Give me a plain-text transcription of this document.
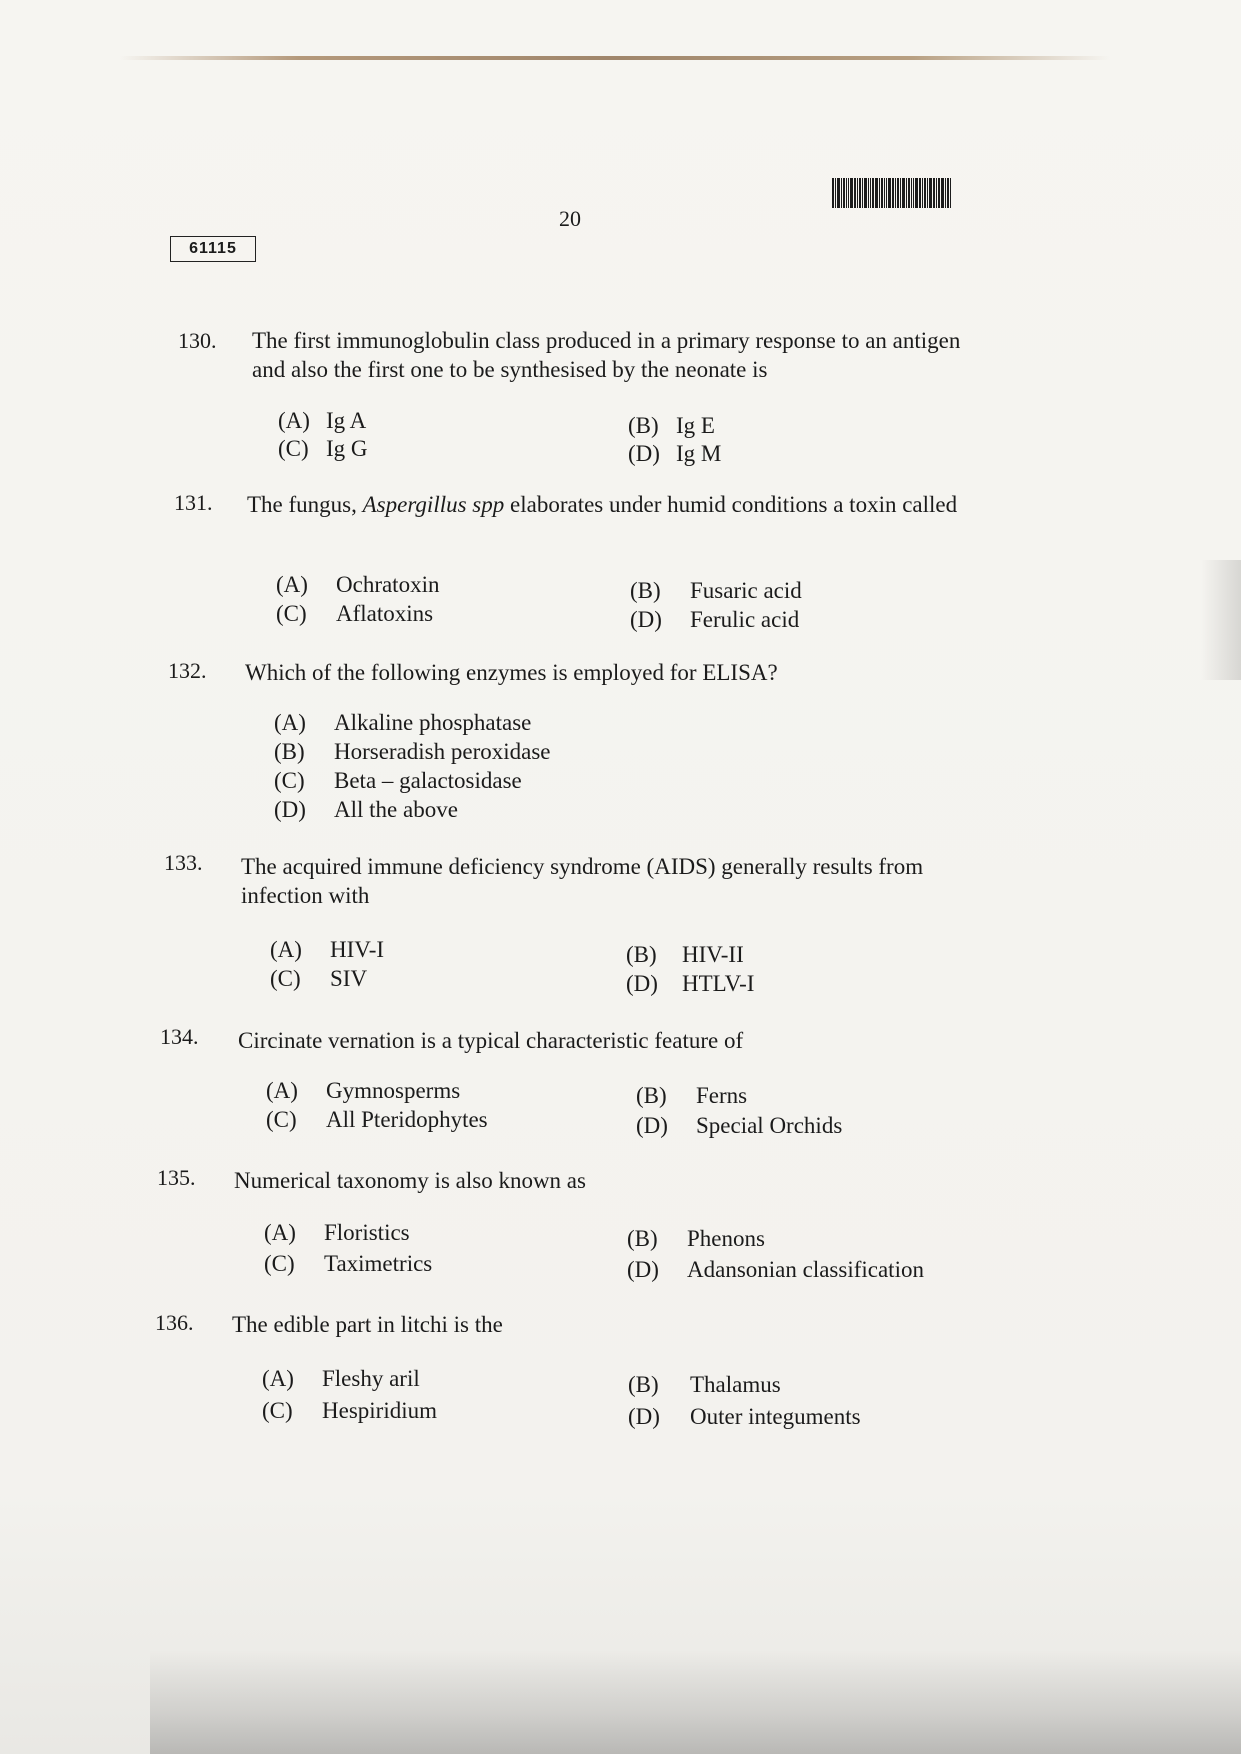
20
61115
130.	The first immunoglobulin class produced in a primary response to an antigen and also the first one to be synthesised by the neonate is
(A) Ig A	(B) Ig E
(C) Ig G	(D) Ig M
131.	The fungus, Aspergillus spp elaborates under humid conditions a toxin called
(A) Ochratoxin	(B) Fusaric acid
(C) Aflatoxins	(D) Ferulic acid
132.	Which of the following enzymes is employed for ELISA?
(A) Alkaline phosphatase
(B) Horseradish peroxidase
(C) Beta – galactosidase
(D) All the above
133.	The acquired immune deficiency syndrome (AIDS) generally results from infection with
(A) HIV-I	(B) HIV-II
(C) SIV	(D) HTLV-I
134.	Circinate vernation is a typical characteristic feature of
(A) Gymnosperms	(B) Ferns
(C) All Pteridophytes	(D) Special Orchids
135.	Numerical taxonomy is also known as
(A) Floristics	(B) Phenons
(C) Taximetrics	(D) Adansonian classification
136.	The edible part in litchi is the
(A) Fleshy aril	(B) Thalamus
(C) Hespiridium	(D) Outer integuments
